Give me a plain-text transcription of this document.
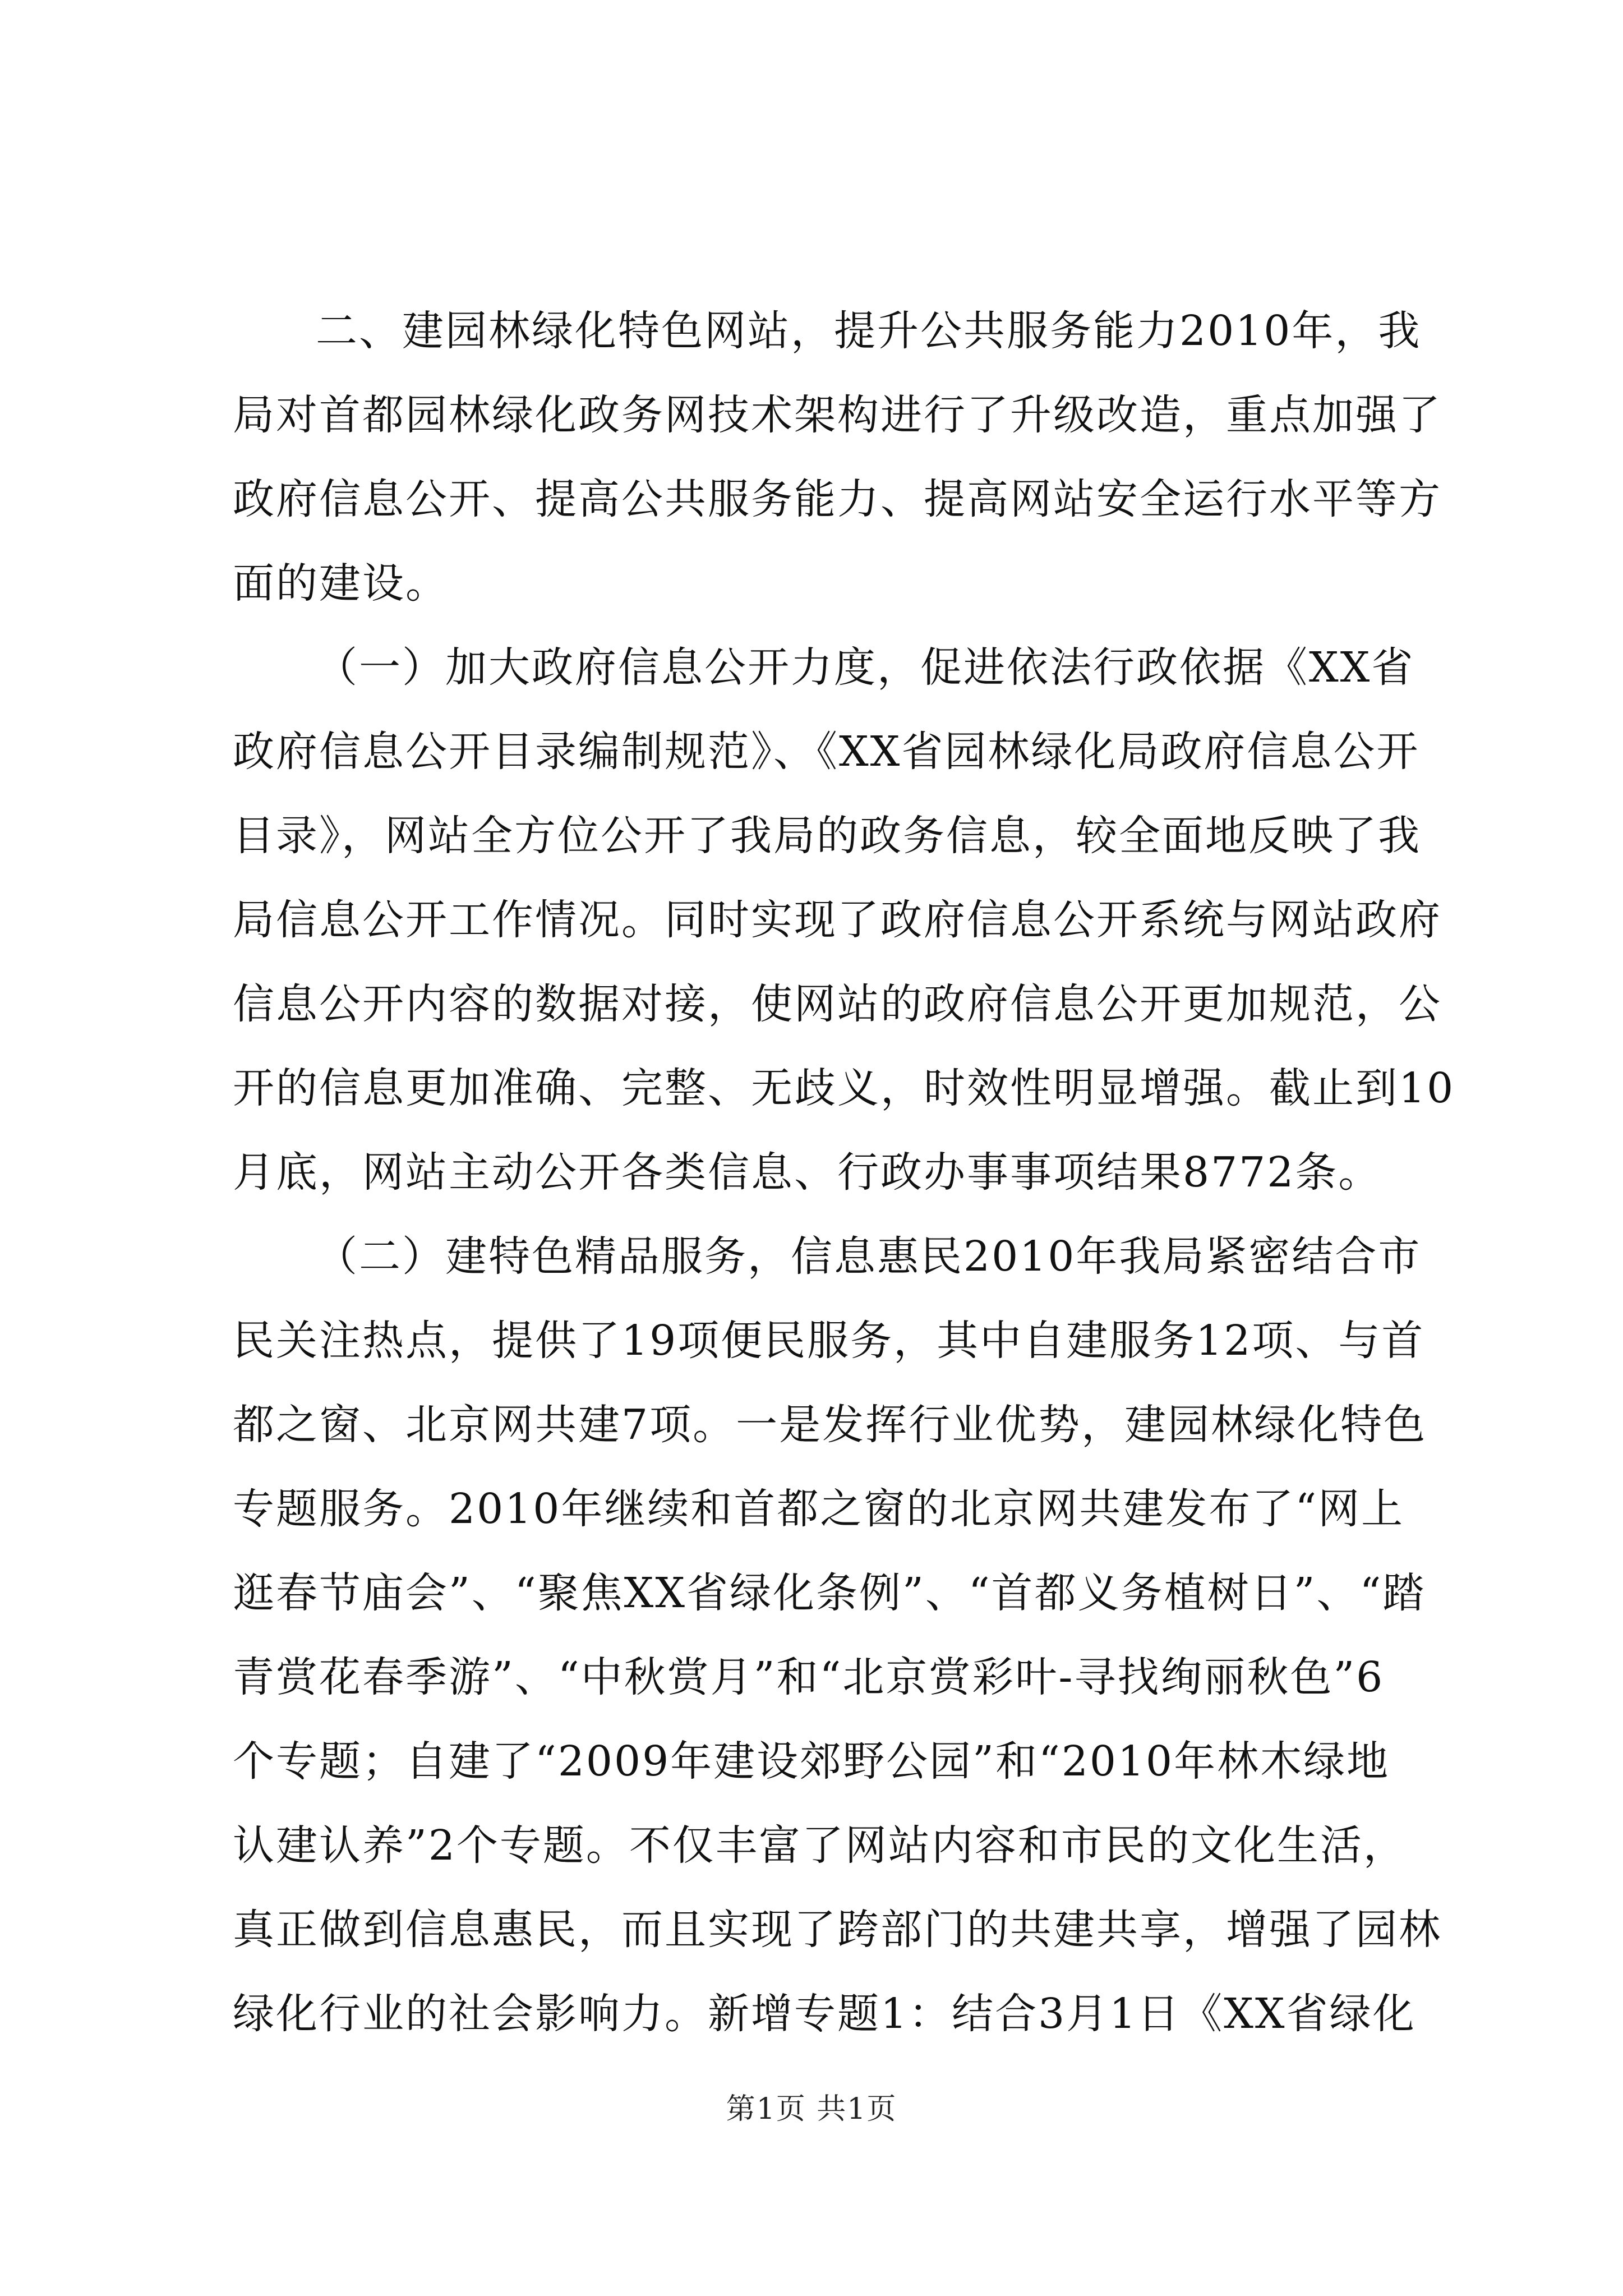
二、建园林绿化特色网站，提升公共服务能力2010年，我
局对首都园林绿化政务网技术架构进行了升级改造，重点加强了
政府信息公开、提高公共服务能力、提高网站安全运行水平等方
面的建设。
（一）加大政府信息公开力度，促进依法行政依据《XX省
政府信息公开目录编制规范》、《XX省园林绿化局政府信息公开
目录》，网站全方位公开了我局的政务信息，较全面地反映了我
局信息公开工作情况。同时实现了政府信息公开系统与网站政府
信息公开内容的数据对接，使网站的政府信息公开更加规范，公
开的信息更加准确、完整、无歧义，时效性明显增强。截止到10
月底，网站主动公开各类信息、行政办事事项结果8772条。
（二）建特色精品服务，信息惠民2010年我局紧密结合市
民关注热点，提供了19项便民服务，其中自建服务12项、与首
都之窗、北京网共建7项。一是发挥行业优势，建园林绿化特色
专题服务。2010年继续和首都之窗的北京网共建发布了“网上
逛春节庙会”、“聚焦XX省绿化条例”、“首都义务植树日”、“踏
青赏花春季游”、“中秋赏月”和“北京赏彩叶-寻找绚丽秋色”6
个专题；自建了“2009年建设郊野公园”和“2010年林木绿地
认建认养”2个专题。不仅丰富了网站内容和市民的文化生活，
真正做到信息惠民，而且实现了跨部门的共建共享，增强了园林
绿化行业的社会影响力。新增专题1：结合3月1日《XX省绿化
第1页 共1页
